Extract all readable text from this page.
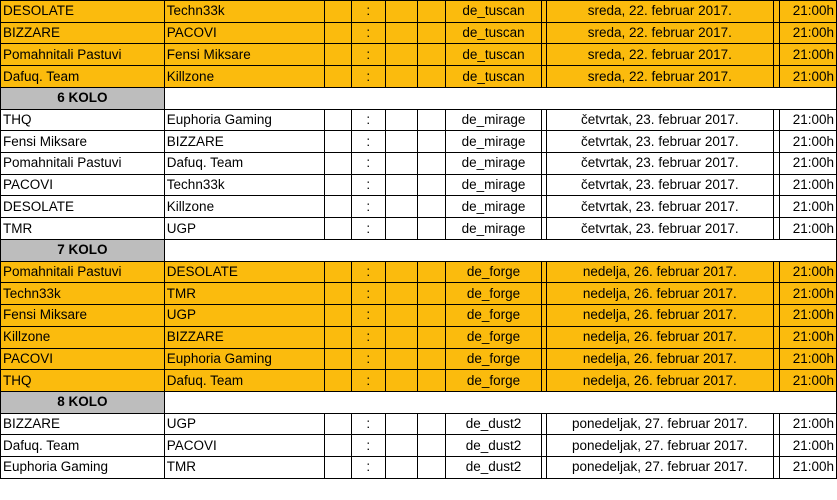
DESOLATE	Techn33k		:			de_tuscan		sreda, 22. februar 2017.		21:00h
BIZZARE	PACOVI		:			de_tuscan		sreda, 22. februar 2017.		21:00h
Pomahnitali Pastuvi	Fensi Miksare		:			de_tuscan		sreda, 22. februar 2017.		21:00h
Dafuq. Team	Killzone		:			de_tuscan		sreda, 22. februar 2017.		21:00h
6 KOLO										
THQ	Euphoria Gaming		:			de_mirage		četvrtak, 23. februar 2017.		21:00h
Fensi Miksare	BIZZARE		:			de_mirage		četvrtak, 23. februar 2017.		21:00h
Pomahnitali Pastuvi	Dafuq. Team		:			de_mirage		četvrtak, 23. februar 2017.		21:00h
PACOVI	Techn33k		:			de_mirage		četvrtak, 23. februar 2017.		21:00h
DESOLATE	Killzone		:			de_mirage		četvrtak, 23. februar 2017.		21:00h
TMR	UGP		:			de_mirage		četvrtak, 23. februar 2017.		21:00h
7 KOLO										
Pomahnitali Pastuvi	DESOLATE		:			de_forge		nedelja, 26. februar 2017.		21:00h
Techn33k	TMR		:			de_forge		nedelja, 26. februar 2017.		21:00h
Fensi Miksare	UGP		:			de_forge		nedelja, 26. februar 2017.		21:00h
Killzone	BIZZARE		:			de_forge		nedelja, 26. februar 2017.		21:00h
PACOVI	Euphoria Gaming		:			de_forge		nedelja, 26. februar 2017.		21:00h
THQ	Dafuq. Team		:			de_forge		nedelja, 26. februar 2017.		21:00h
8 KOLO										
BIZZARE	UGP		:			de_dust2		ponedeljak, 27. februar 2017.		21:00h
Dafuq. Team	PACOVI		:			de_dust2		ponedeljak, 27. februar 2017.		21:00h
Euphoria Gaming	TMR		:			de_dust2		ponedeljak, 27. februar 2017.		21:00h
